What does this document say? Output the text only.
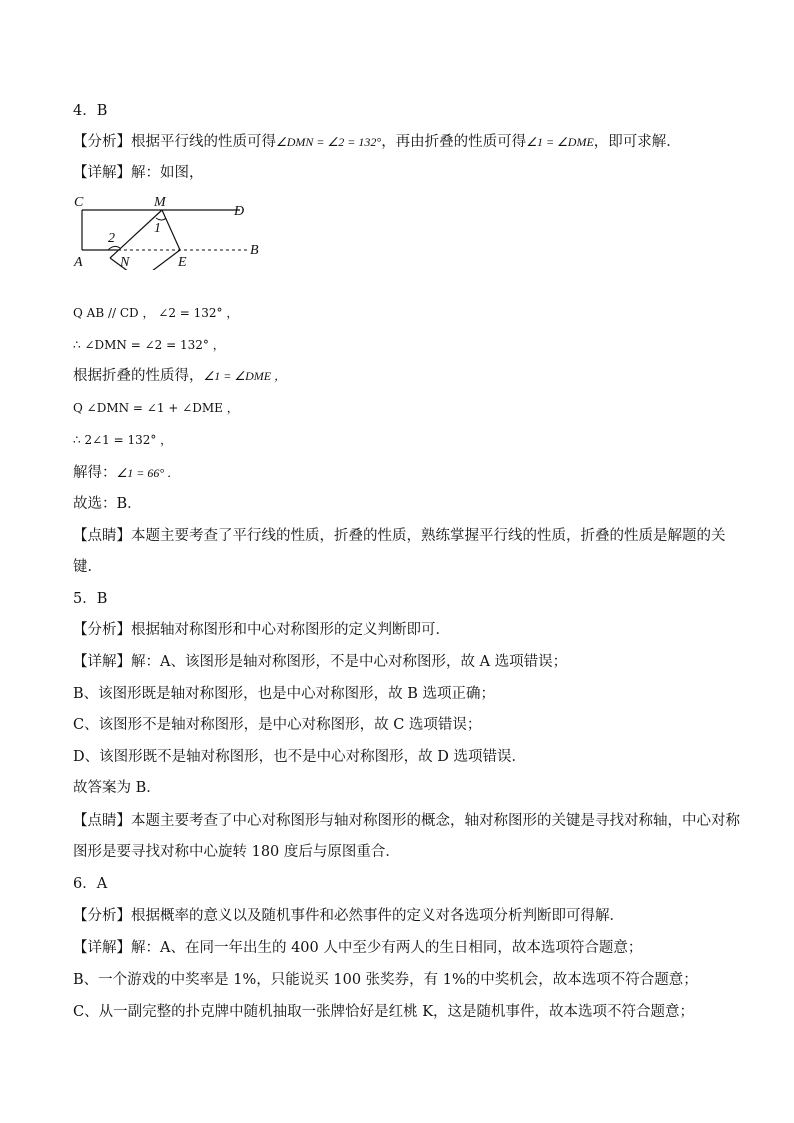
4．B
【分析】根据平行线的性质可得∠DMN = ∠2 = 132°，再由折叠的性质可得∠1 = ∠DME，即可求解．
【详解】解：如图，
C	M
D
A	N	E
B
1
2
Q AB // CD ， ∠2 = 132° ，
∴ ∠DMN = ∠2 = 132° ，
根据折叠的性质得，∠1 = ∠DME ，
Q ∠DMN = ∠1 + ∠DME ，
∴ 2∠1 = 132° ，
解得：∠1 = 66° ．
故选：B．
【点睛】本题主要考查了平行线的性质，折叠的性质，熟练掌握平行线的性质，折叠的性质是解题的关
键．
5．B
【分析】根据轴对称图形和中心对称图形的定义判断即可．
【详解】解：A、该图形是轴对称图形，不是中心对称图形，故 A 选项错误；
B、该图形既是轴对称图形，也是中心对称图形，故 B 选项正确；
C、该图形不是轴对称图形，是中心对称图形，故 C 选项错误；
D、该图形既不是轴对称图形，也不是中心对称图形，故 D 选项错误．
故答案为 B．
【点睛】本题主要考查了中心对称图形与轴对称图形的概念，轴对称图形的关键是寻找对称轴，中心对称
图形是要寻找对称中心旋转 180 度后与原图重合．
6．A
【分析】根据概率的意义以及随机事件和必然事件的定义对各选项分析判断即可得解．
【详解】解：A、在同一年出生的 400 人中至少有两人的生日相同，故本选项符合题意；
B、一个游戏的中奖率是 1%，只能说买 100 张奖券，有 1%的中奖机会，故本选项不符合题意；
C、从一副完整的扑克牌中随机抽取一张牌恰好是红桃 K，这是随机事件，故本选项不符合题意；
